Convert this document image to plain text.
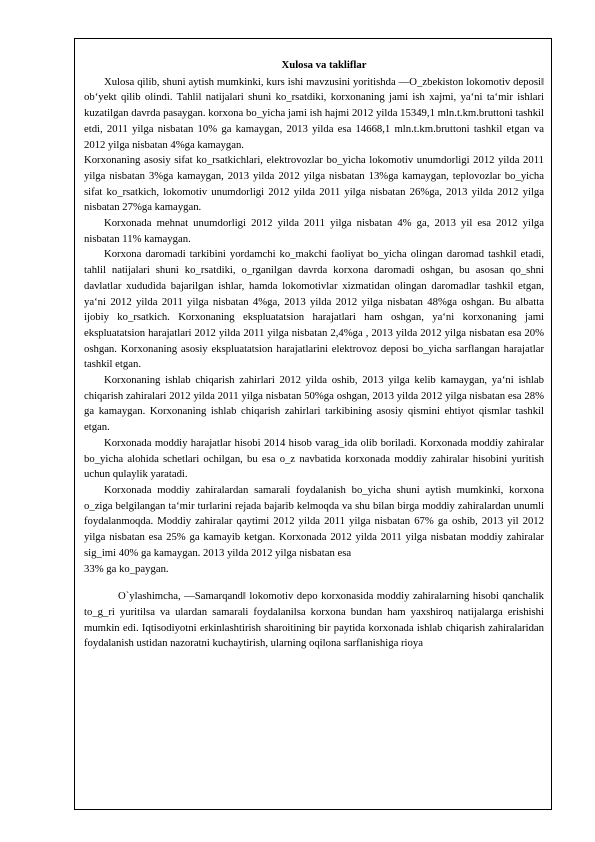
Xulosa va takliflar

Xulosa qilib, shuni aytish mumkinki, kurs ishi mavzusini yoritishda ―O_zbekiston lokomotiv deposi‖ ob‘yekt qilib olindi. Tahlil natijalari shuni ko_rsatdiki, korxonaning jami ish xajmi, ya‘ni ta‘mir ishlari kuzatilgan davrda pasaygan. korxona bo_yicha jami ish hajmi 2012 yilda 15349,1 mln.t.km.bruttoni tashkil etdi, 2011 yilga nisbatan 10% ga kamaygan, 2013 yilda esa 14668,1 mln.t.km.bruttoni tashkil etgan va 2012 yilga nisbatan 4%ga kamaygan.

Korxonaning asosiy sifat ko_rsatkichlari, elektrovozlar bo_yicha lokomotiv unumdorligi 2012 yilda 2011 yilga nisbatan 3%ga kamaygan, 2013 yilda 2012 yilga nisbatan 13%ga kamaygan, teplovozlar bo_yicha sifat ko_rsatkich, lokomotiv unumdorligi 2012 yilda 2011 yilga nisbatan 26%ga, 2013 yilda 2012 yilga nisbatan 27%ga kamaygan.

Korxonada mehnat unumdorligi 2012 yilda 2011 yilga nisbatan 4% ga, 2013 yil esa 2012 yilga nisbatan 11% kamaygan.

Korxona daromadi tarkibini yordamchi ko_makchi faoliyat bo_yicha olingan daromad tashkil etadi, tahlil natijalari shuni ko_rsatdiki, o_rganilgan davrda korxona daromadi oshgan, bu asosan qo_shni davlatlar xududida bajarilgan ishlar, hamda lokomotivlar xizmatidan olingan daromadlar tashkil etgan, ya‘ni 2012 yilda 2011 yilga nisbatan 4%ga, 2013 yilda 2012 yilga nisbatan 48%ga oshgan. Bu albatta ijobiy ko_rsatkich. Korxonaning ekspluatatsion harajatlari ham oshgan, ya‘ni korxonaning jami ekspluatatsion harajatlari 2012 yilda 2011 yilga nisbatan 2,4%ga , 2013 yilda 2012 yilga nisbatan esa 20% oshgan. Korxonaning asosiy ekspluatatsion harajatlarini elektrovoz deposi bo_yicha sarflangan harajatlar tashkil etgan.

Korxonaning ishlab chiqarish zahirlari 2012 yilda oshib, 2013 yilga kelib kamaygan, ya‘ni ishlab chiqarish zahiralari 2012 yilda 2011 yilga nisbatan 50%ga oshgan, 2013 yilda 2012 yilga nisbatan esa 28% ga kamaygan. Korxonaning ishlab chiqarish zahirlari tarkibining asosiy qismini ehtiyot qismlar tashkil etgan.

Korxonada moddiy harajatlar hisobi 2014 hisob varag_ida olib boriladi. Korxonada moddiy zahiralar bo_yicha alohida schetlari ochilgan, bu esa o_z navbatida korxonada moddiy zahiralar hisobini yuritish uchun qulaylik yaratadi.

Korxonada moddiy zahiralardan samarali foydalanish bo_yicha shuni aytish mumkinki, korxona o_ziga belgilangan ta‘mir turlarini rejada bajarib kelmoqda va shu bilan birga moddiy zahiralardan unumli foydalanmoqda. Moddiy zahiralar qaytimi 2012 yilda 2011 yilga nisbatan 67% ga oshib, 2013 yil 2012 yilga nisbatan esa 25% ga kamayib ketgan. Korxonada 2012 yilda 2011 yilga nisbatan moddiy zahiralar sig_imi 40% ga kamaygan. 2013 yilda 2012 yilga nisbatan esa

33% ga ko_paygan.

O`ylashimcha, ―Samarqand‖ lokomotiv depo korxonasida moddiy zahiralarning hisobi qanchalik to_g_ri yuritilsa va ulardan samarali foydalanilsa korxona bundan ham yaxshiroq natijalarga erishishi mumkin edi. Iqtisodiyotni erkinlashtirish sharoitining bir paytida korxonada ishlab chiqarish zahiralaridan foydalanish ustidan nazoratni kuchaytirish, ularning oqilona sarflanishiga rioya
